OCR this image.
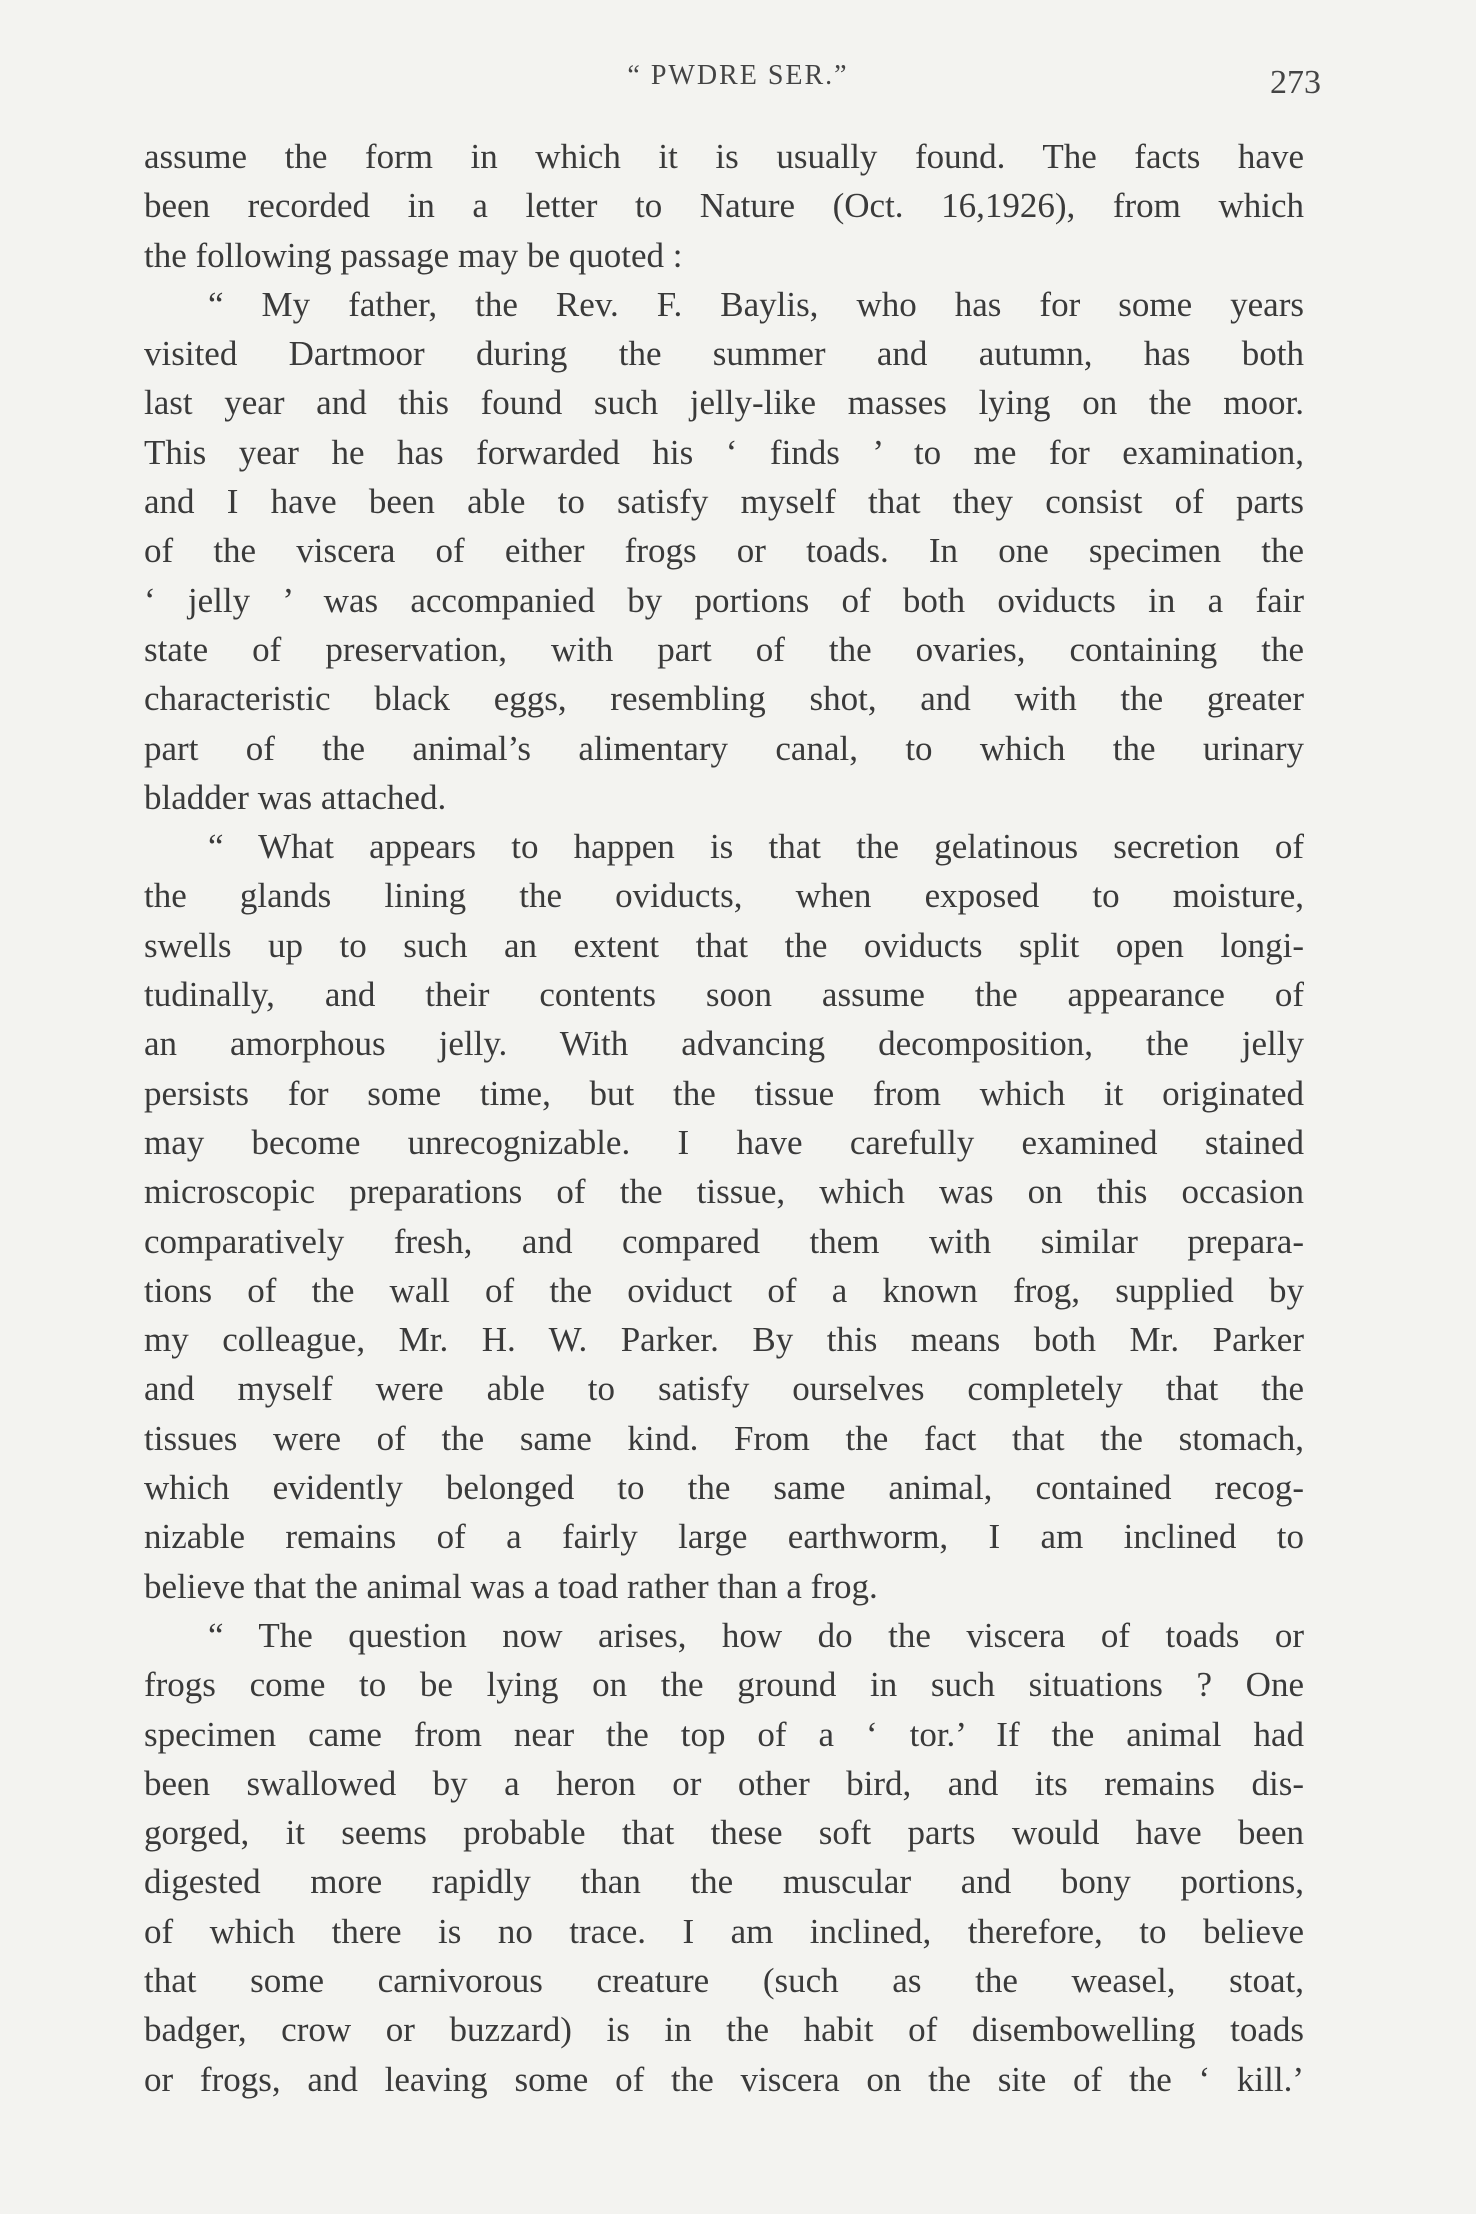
“ PWDRE SER.”	273
assume the form in which it is usually found. The facts have
been recorded in a letter to Nature (Oct. 16,1926), from which
the following passage may be quoted :
“ My father, the Rev. F. Baylis, who has for some years
visited Dartmoor during the summer and autumn, has both
last year and this found such jelly-like masses lying on the moor.
This year he has forwarded his ‘ finds ’ to me for examination,
and I have been able to satisfy myself that they consist of parts
of the viscera of either frogs or toads. In one specimen the
‘ jelly ’ was accompanied by portions of both oviducts in a fair
state of preservation, with part of the ovaries, containing the
characteristic black eggs, resembling shot, and with the greater
part of the animal’s alimentary canal, to which the urinary
bladder was attached.
“ What appears to happen is that the gelatinous secretion of
the glands lining the oviducts, when exposed to moisture,
swells up to such an extent that the oviducts split open longi-
tudinally, and their contents soon assume the appearance of
an amorphous jelly. With advancing decomposition, the jelly
persists for some time, but the tissue from which it originated
may become unrecognizable. I have carefully examined stained
microscopic preparations of the tissue, which was on this occasion
comparatively fresh, and compared them with similar prepara-
tions of the wall of the oviduct of a known frog, supplied by
my colleague, Mr. H. W. Parker. By this means both Mr. Parker
and myself were able to satisfy ourselves completely that the
tissues were of the same kind. From the fact that the stomach,
which evidently belonged to the same animal, contained recog-
nizable remains of a fairly large earthworm, I am inclined to
believe that the animal was a toad rather than a frog.
“ The question now arises, how do the viscera of toads or
frogs come to be lying on the ground in such situations ? One
specimen came from near the top of a ‘ tor.’ If the animal had
been swallowed by a heron or other bird, and its remains dis-
gorged, it seems probable that these soft parts would have been
digested more rapidly than the muscular and bony portions,
of which there is no trace. I am inclined, therefore, to believe
that some carnivorous creature (such as the weasel, stoat,
badger, crow or buzzard) is in the habit of disembowelling toads
or frogs, and leaving some of the viscera on the site of the ‘ kill.’
